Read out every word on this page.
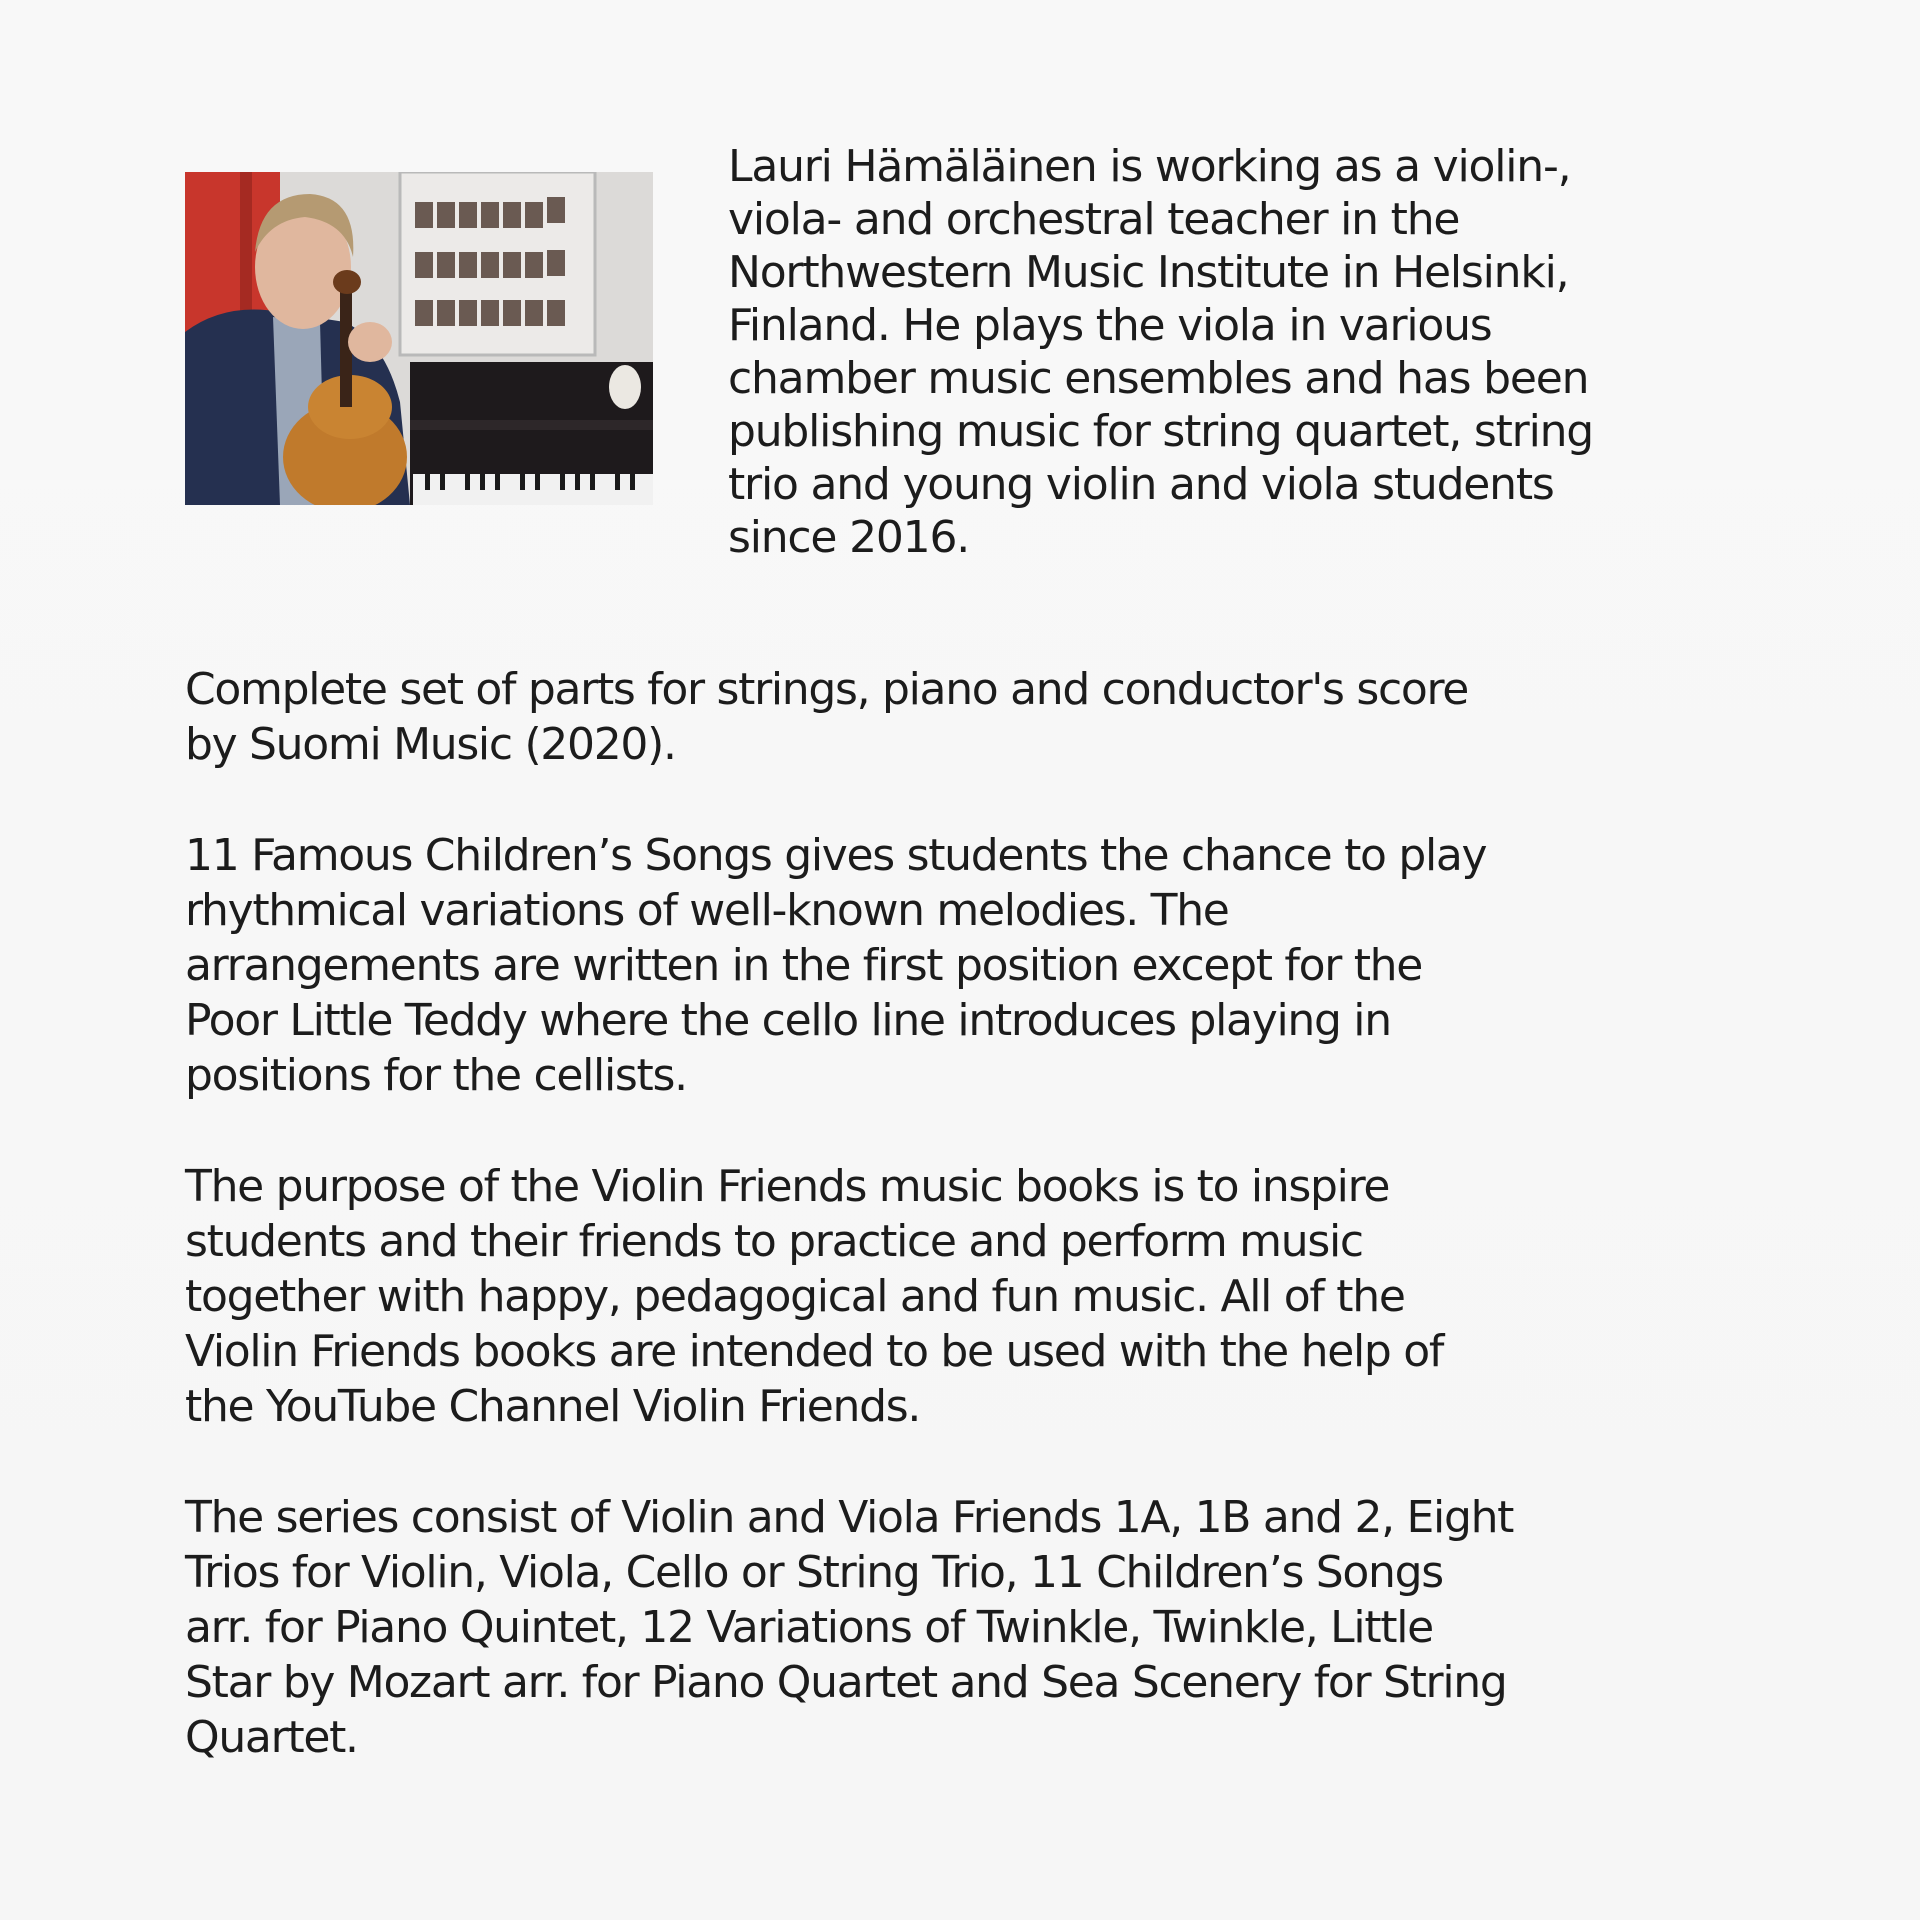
Lauri Hämäläinen is working as a violin-,
viola- and orchestral teacher in the
Northwestern Music Institute in Helsinki,
Finland. He plays the viola in various
chamber music ensembles and has been
publishing music for string quartet, string
trio and young violin and viola students
since 2016.

Complete set of parts for strings, piano and conductor's score
by Suomi Music (2020).

11 Famous Children’s Songs gives students the chance to play
rhythmical variations of well-known melodies. The
arrangements are written in the first position except for the
Poor Little Teddy where the cello line introduces playing in
positions for the cellists.

The purpose of the Violin Friends music books is to inspire
students and their friends to practice and perform music
together with happy, pedagogical and fun music. All of the
Violin Friends books are intended to be used with the help of
the YouTube Channel Violin Friends.

The series consist of Violin and Viola Friends 1A, 1B and 2, Eight
Trios for Violin, Viola, Cello or String Trio, 11 Children’s Songs
arr. for Piano Quintet, 12 Variations of Twinkle, Twinkle, Little
Star by Mozart arr. for Piano Quartet and Sea Scenery for String
Quartet.
